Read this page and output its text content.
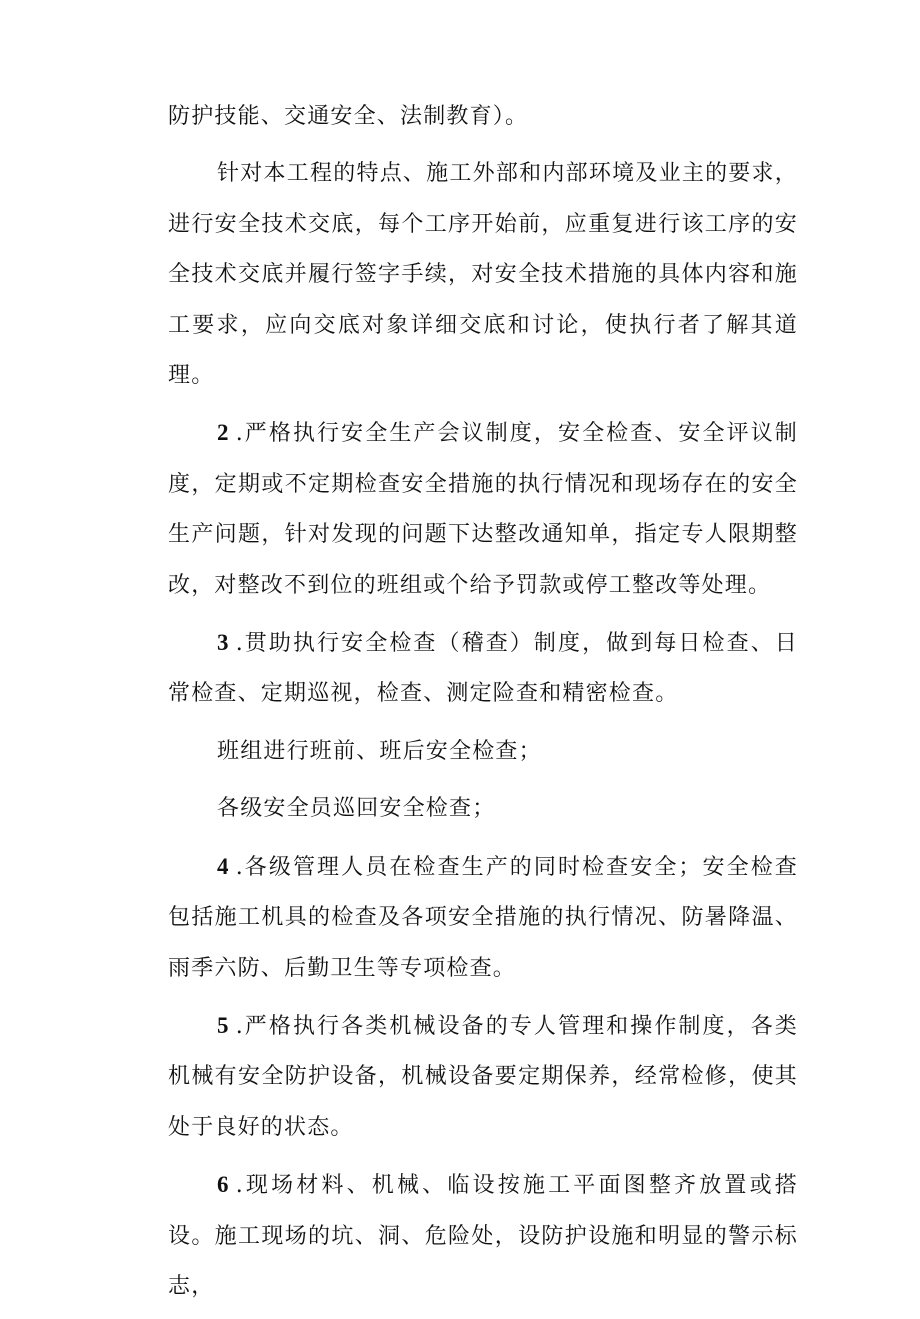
防护技能、交通安全、法制教育）。

针对本工程的特点、施工外部和内部环境及业主的要求，进行安全技术交底，每个工序开始前，应重复进行该工序的安全技术交底并履行签字手续，对安全技术措施的具体内容和施工要求，应向交底对象详细交底和讨论，使执行者了解其道理。

2 .严格执行安全生产会议制度，安全检查、安全评议制度，定期或不定期检查安全措施的执行情况和现场存在的安全生产问题，针对发现的问题下达整改通知单，指定专人限期整改，对整改不到位的班组或个给予罚款或停工整改等处理。

3 .贯助执行安全检查（稽查）制度，做到每日检查、日常检查、定期巡视，检查、测定险查和精密检查。

班组进行班前、班后安全检查；

各级安全员巡回安全检查；

4 .各级管理人员在检查生产的同时检查安全；安全检查包括施工机具的检查及各项安全措施的执行情况、防暑降温、雨季六防、后勤卫生等专项检查。

5 .严格执行各类机械设备的专人管理和操作制度，各类机械有安全防护设备，机械设备要定期保养，经常检修，使其处于良好的状态。

6 .现场材料、机械、临设按施工平面图整齐放置或搭设。施工现场的坑、洞、危险处，设防护设施和明显的警示标志，
